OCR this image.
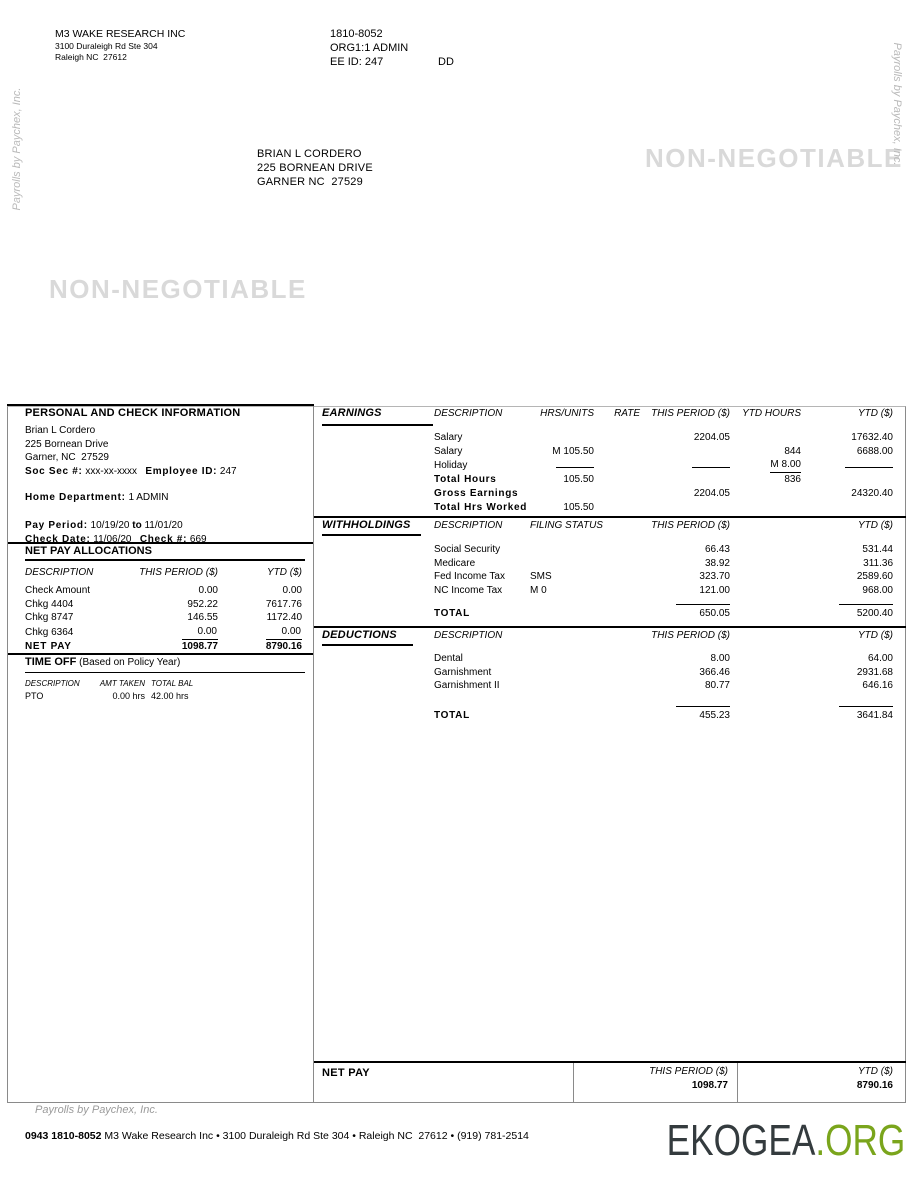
M3 WAKE RESEARCH INC
3100 Duraleigh Rd Ste 304
Raleigh NC  27612
1810-8052
ORG1:1 ADMIN
EE ID: 247	DD
BRIAN L CORDERO
225 BORNEAN DRIVE
GARNER NC  27529
NON-NEGOTIABLE
NON-NEGOTIABLE
Payrolls by Paychex, Inc.	Payrolls by Paychex, Inc.
PERSONAL AND CHECK INFORMATION
Brian L Cordero
225 Bornean Drive
Garner, NC  27529
Soc Sec #: xxx-xx-xxxx Employee ID: 247
Home Department: 1 ADMIN
Pay Period: 10/19/20 to 11/01/20
Check Date: 11/06/20 Check #: 669
NET PAY ALLOCATIONS
DESCRIPTION	THIS PERIOD ($)	YTD ($)

Check Amount	0.00	0.00
Chkg 4404	952.22	7617.76
Chkg 8747	146.55	1172.40
Chkg 6364	0.00	0.00
NET PAY	1098.77	8790.16
TIME OFF (Based on Policy Year)
DESCRIPTION	AMT TAKEN	TOTAL BAL
PTO	0.00 hrs	42.00 hrs
EARNINGS	DESCRIPTION	HRS/UNITS	RATE	THIS PERIOD ($)	YTD HOURS	YTD ($)

	Salary			2204.05		17632.40
	Salary	M 105.50			844	6688.00
	Holiday				M 8.00	
	Total Hours	105.50			836	
	Gross Earnings			2204.05		24320.40
	Total Hrs Worked	105.50				
WITHHOLDINGS	DESCRIPTION	FILING STATUS	THIS PERIOD ($)	YTD ($)

	Social Security		66.43	531.44
	Medicare		38.92	311.36
	Fed Income Tax	SMS	323.70	2589.60
	NC Income Tax	M 0	121.00	968.00

	TOTAL		650.05	5200.40
DEDUCTIONS	DESCRIPTION	THIS PERIOD ($)	YTD ($)

	Dental	8.00	64.00
	Garnishment	366.46	2931.68
	Garnishment II	80.77	646.16

	TOTAL	455.23	3641.84
NET PAY	THIS PERIOD ($)
1098.77
YTD ($)
8790.16
Payrolls by Paychex, Inc.
0943 1810-8052 M3 Wake Research Inc • 3100 Duraleigh Rd Ste 304 • Raleigh NC  27612 • (919) 781-2514	EKOGEA.ORG
